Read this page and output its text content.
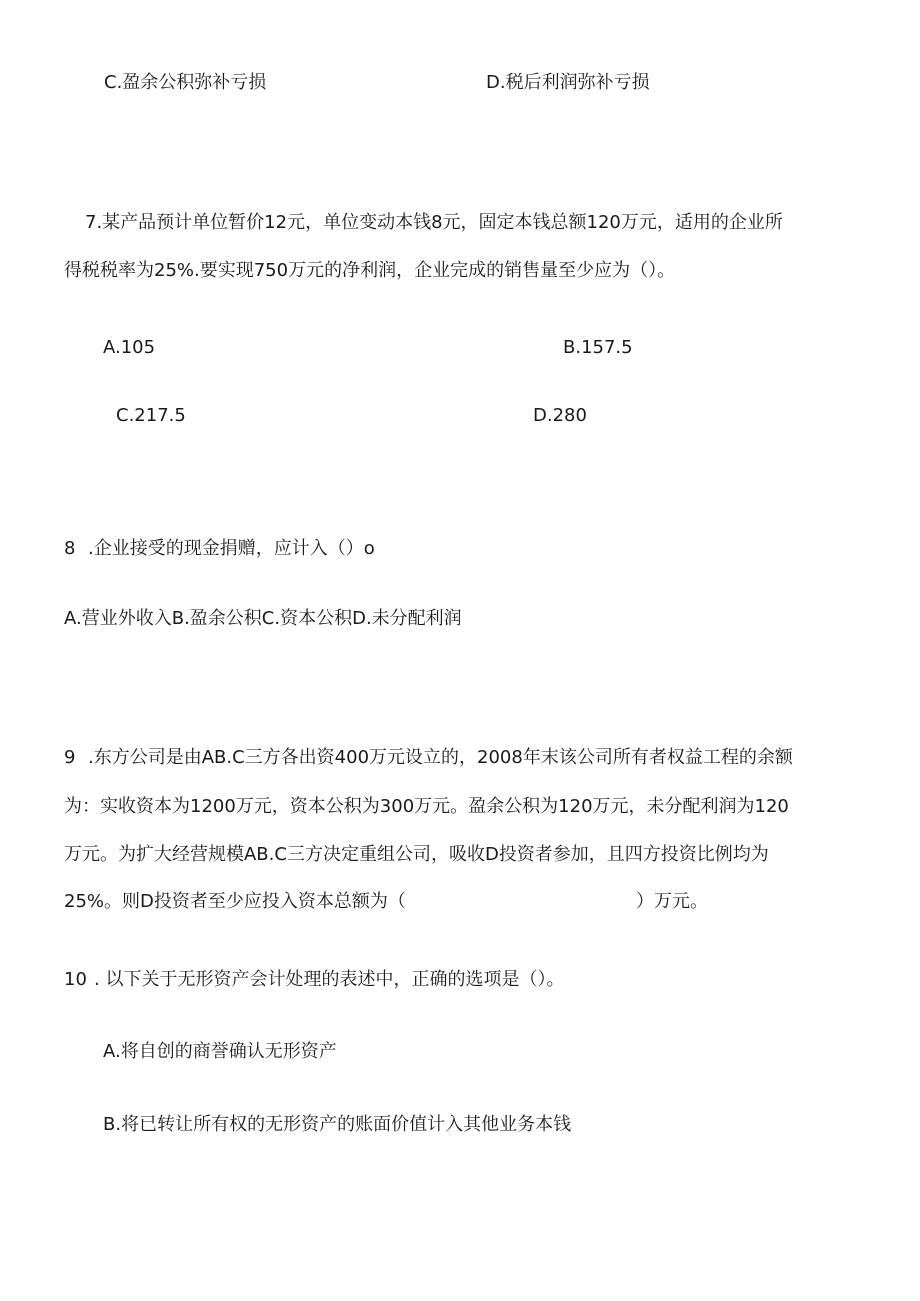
C.盈余公积弥补亏损	D.税后利润弥补亏损
7.某产品预计单位暂价12元，单位变动本钱8元，固定本钱总额120万元，适用的企业所
得税税率为25%.要实现750万元的净利润，企业完成的销售量至少应为（）。
A.105	B.157.5
C.217.5	D.280
8 .企业接受的现金捐赠，应计入（）o
A.营业外收入B.盈余公积C.资本公积D.未分配利润
9 .东方公司是由AB.C三方各出资400万元设立的，2008年末该公司所有者权益工程的余额
为：实收资本为1200万元，资本公积为300万元。盈余公积为120万元，未分配利润为120
万元。为扩大经营规模AB.C三方决定重组公司，吸收D投资者参加，且四方投资比例均为
25%。则D投资者至少应投入资本总额为（	）万元。
10 . 以下关于无形资产会计处理的表述中，正确的选项是（）。
A.将自创的商誉确认无形资产
B.将已转让所有权的无形资产的账面价值计入其他业务本钱
